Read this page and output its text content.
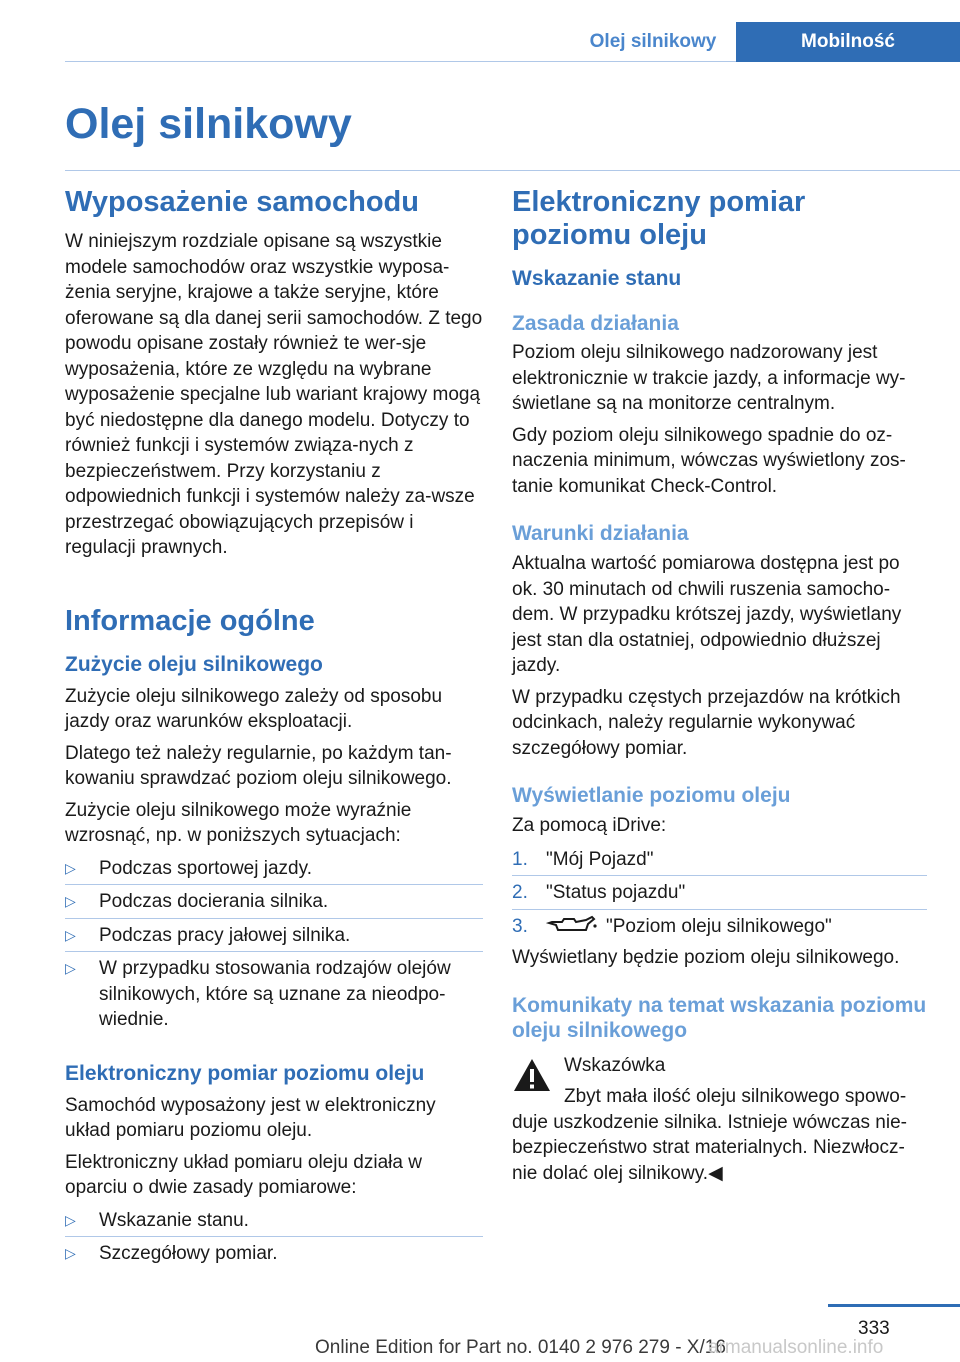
Olej silnikowy	Mobilność
Olej silnikowy
Wyposażenie samochodu

W niniejszym rozdziale opisane są wszystkie modele samochodów oraz wszystkie wyposa‐żenia seryjne, krajowe a także seryjne, które oferowane są dla danej serii samochodów. Z tego powodu opisane zostały również te wer‐sje wyposażenia, które ze względu na wybrane wyposażenie specjalne lub wariant krajowy mogą być niedostępne dla danego modelu. Dotyczy to również funkcji i systemów związa‐nych z bezpieczeństwem. Przy korzystaniu z odpowiednich funkcji i systemów należy za‐wsze przestrzegać obowiązujących przepisów i regulacji prawnych.

Informacje ogólne
Zużycie oleju silnikowego

Zużycie oleju silnikowego zależy od sposobu jazdy oraz warunków eksploatacji.

Dlatego też należy regularnie, po każdym tan‐kowaniu sprawdzać poziom oleju silnikowego.

Zużycie oleju silnikowego może wyraźnie wzrosnąć, np. w poniższych sytuacjach:

▷ Podczas sportowej jazdy.
▷ Podczas docierania silnika.
▷ Podczas pracy jałowej silnika.
▷ W przypadku stosowania rodzajów olejów silnikowych, które są uznane za nieodpo‐wiednie.
Elektroniczny pomiar poziomu oleju

Samochód wyposażony jest w elektroniczny układ pomiaru poziomu oleju.

Elektroniczny układ pomiaru oleju działa w oparciu o dwie zasady pomiarowe:

▷ Wskazanie stanu.
▷ Szczegółowy pomiar.
Elektroniczny pomiar poziomu oleju
Wskazanie stanu
Zasada działania

Poziom oleju silnikowego nadzorowany jest elektronicznie w trakcie jazdy, a informacje wy‐świetlane są na monitorze centralnym.

Gdy poziom oleju silnikowego spadnie do oz‐naczenia minimum, wówczas wyświetlony zos‐tanie komunikat Check-Control.

Warunki działania

Aktualna wartość pomiarowa dostępna jest po ok. 30 minutach od chwili ruszenia samocho‐dem. W przypadku krótszej jazdy, wyświetlany jest stan dla ostatniej, odpowiednio dłuższej jazdy.

W przypadku częstych przejazdów na krótkich odcinkach, należy regularnie wykonywać szczegółowy pomiar.

Wyświetlanie poziomu oleju

Za pomocą iDrive:

1. "Mój Pojazd"
2. "Status pojazdu"
3.	"Poziom oleju silnikowego"

Wyświetlany będzie poziom oleju silnikowego.

Komunikaty na temat wskazania poziomu oleju silnikowego

Wskazówka

Zbyt mała ilość oleju silnikowego spowo‐

duje uszkodzenie silnika. Istnieje wówczas nie‐bezpieczeństwo strat materialnych. Niezwłocz‐nie dolać olej silnikowy.◀

333
Online Edition for Part no. 0140 2 976 279 - X/16
armanualsonline.info
